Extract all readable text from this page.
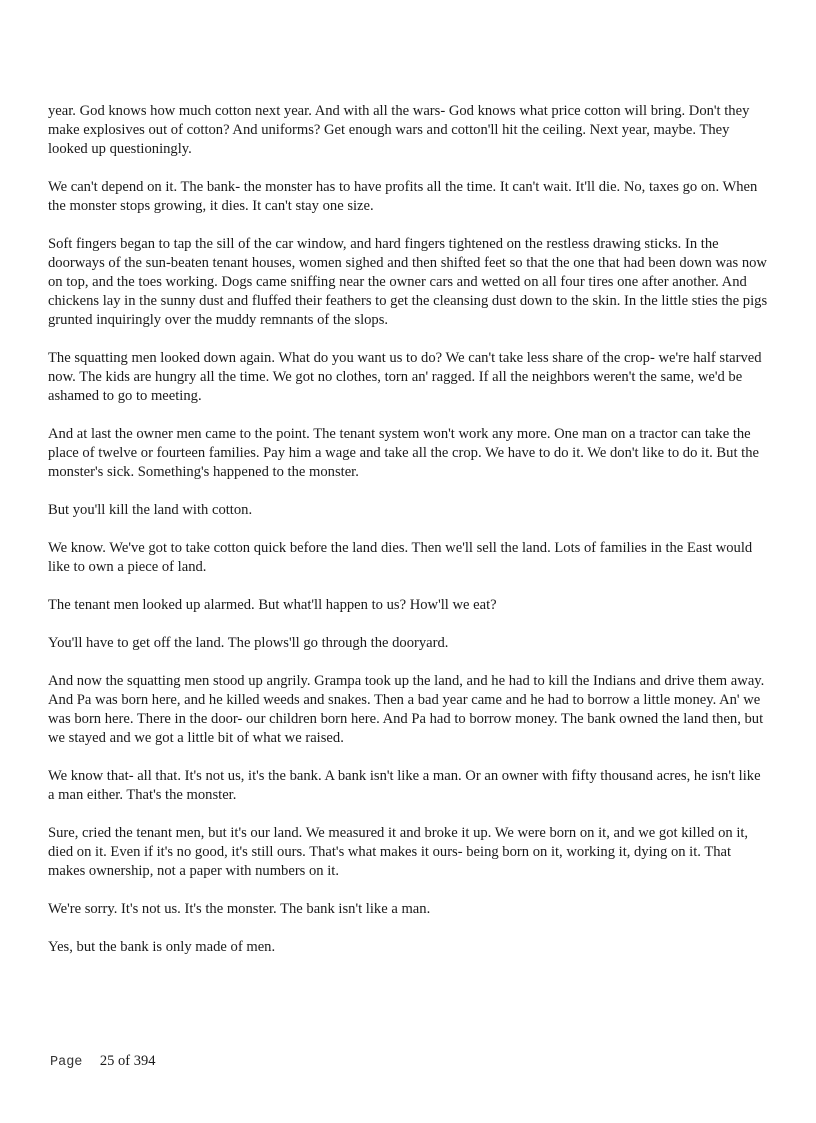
year. God knows how much cotton next year. And with all the wars- God knows what price cotton will bring. Don't they make explosives out of cotton? And uniforms? Get enough wars and cotton'll hit the ceiling. Next year, maybe. They looked up questioningly.

We can't depend on it. The bank- the monster has to have profits all the time. It can't wait. It'll die. No, taxes go on. When the monster stops growing, it dies. It can't stay one size.

Soft fingers began to tap the sill of the car window, and hard fingers tightened on the restless drawing sticks. In the doorways of the sun-beaten tenant houses, women sighed and then shifted feet so that the one that had been down was now on top, and the toes working. Dogs came sniffing near the owner cars and wetted on all four tires one after another. And chickens lay in the sunny dust and fluffed their feathers to get the cleansing dust down to the skin. In the little sties the pigs grunted inquiringly over the muddy remnants of the slops.

The squatting men looked down again. What do you want us to do? We can't take less share of the crop- we're half starved now. The kids are hungry all the time. We got no clothes, torn an' ragged. If all the neighbors weren't the same, we'd be ashamed to go to meeting.

And at last the owner men came to the point. The tenant system won't work any more. One man on a tractor can take the place of twelve or fourteen families. Pay him a wage and take all the crop. We have to do it. We don't like to do it. But the monster's sick. Something's happened to the monster.

But you'll kill the land with cotton.

We know. We've got to take cotton quick before the land dies. Then we'll sell the land. Lots of families in the East would like to own a piece of land.

The tenant men looked up alarmed. But what'll happen to us? How'll we eat?

You'll have to get off the land. The plows'll go through the dooryard.

And now the squatting men stood up angrily. Grampa took up the land, and he had to kill the Indians and drive them away. And Pa was born here, and he killed weeds and snakes. Then a bad year came and he had to borrow a little money. An' we was born here. There in the door- our children born here. And Pa had to borrow money. The bank owned the land then, but we stayed and we got a little bit of what we raised.

We know that- all that. It's not us, it's the bank. A bank isn't like a man. Or an owner with fifty thousand acres, he isn't like a man either. That's the monster.

Sure, cried the tenant men, but it's our land. We measured it and broke it up. We were born on it, and we got killed on it, died on it. Even if it's no good, it's still ours. That's what makes it ours- being born on it, working it, dying on it. That makes ownership, not a paper with numbers on it.

We're sorry. It's not us. It's the monster. The bank isn't like a man.

Yes, but the bank is only made of men.

Page 25 of 394
